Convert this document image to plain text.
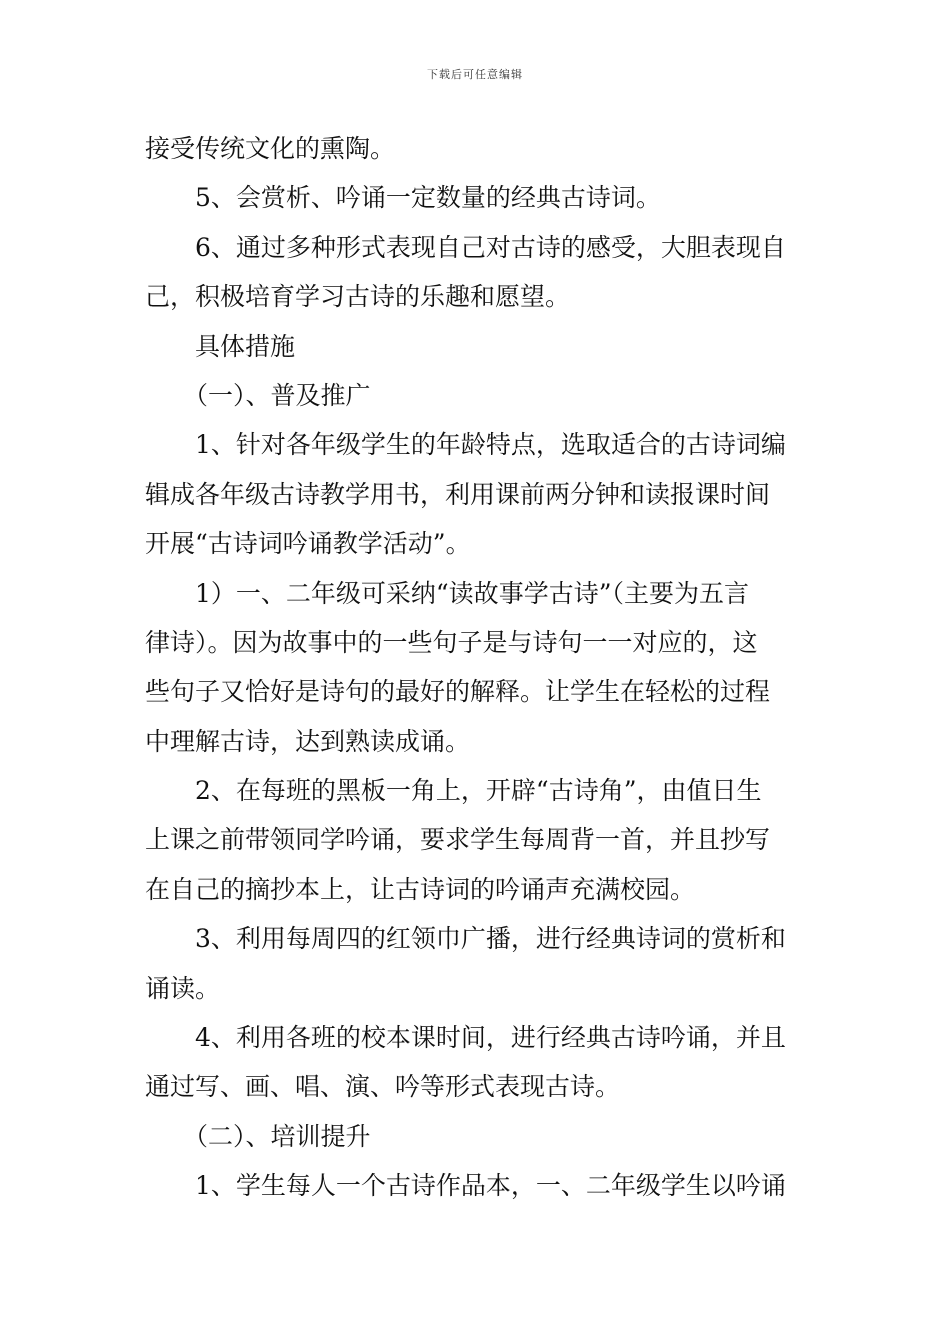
下载后可任意编辑
接受传统文化的熏陶。
5、会赏析、吟诵一定数量的经典古诗词。
6、通过多种形式表现自己对古诗的感受，大胆表现自
己，积极培育学习古诗的乐趣和愿望。
具体措施
（一）、普及推广
1、针对各年级学生的年龄特点，选取适合的古诗词编
辑成各年级古诗教学用书，利用课前两分钟和读报课时间
开展“古诗词吟诵教学活动”。
1）一、二年级可采纳“读故事学古诗”（主要为五言
律诗）。因为故事中的一些句子是与诗句一一对应的，这
些句子又恰好是诗句的最好的解释。让学生在轻松的过程
中理解古诗，达到熟读成诵。
2、在每班的黑板一角上，开辟“古诗角”，由值日生
上课之前带领同学吟诵，要求学生每周背一首，并且抄写
在自己的摘抄本上，让古诗词的吟诵声充满校园。
3、利用每周四的红领巾广播，进行经典诗词的赏析和
诵读。
4、利用各班的校本课时间，进行经典古诗吟诵，并且
通过写、画、唱、演、吟等形式表现古诗。
（二）、培训提升
1、学生每人一个古诗作品本，一、二年级学生以吟诵
